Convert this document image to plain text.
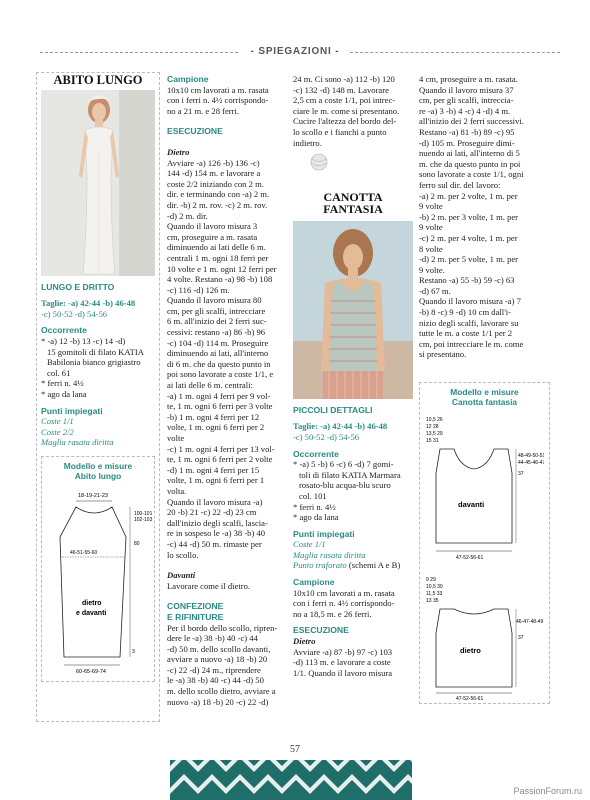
- SPIEGAZIONI -
ABITO LUNGO
LUNGO E DRITTO
Taglie: -a) 42-44 -b) 46-48
-c) 50-52 -d) 54-56
Occorrente
* -a) 12 -b) 13 -c) 14 -d)
15 gomitoli di filato KATIA
Babilonia bianco grigiastro
col. 61
* ferri n. 4½
* ago da lana
Punti impiegati
Coste 1/1
Coste 2/2
Maglia rasata diritta
Modello e misure
Abito lungo
18-19-21-23
100-101
102-103
80
46-51-55-60
dietro
e davanti
3
60-65-69-74
Campione
10x10 cm lavorati a m. rasata
con i ferri n. 4½ corrispondo-
no a 21 m. e 28 ferri.
ESECUZIONE
Dietro
Avviare -a) 126 -b) 136 -c)
144 -d) 154 m. e lavorare a
coste 2/2 iniziando con 2 m.
dir. e terminando con -a) 2 m.
dir. -b) 2 m. rov. -c) 2 m. rov.
-d) 2 m. dir.
Quando il lavoro misura 3
cm, proseguire a m. rasata
diminuendo ai lati delle 6 m.
centrali 1 m. ogni 18 ferri per
10 volte e 1 m. ogni 12 ferri per
4 volte. Restano -a) 98 -b) 108
-c) 116 -d) 126 m.
Quando il lavoro misura 80
cm, per gli scalfi, intrecciare
6 m. all'inizio dei 2 ferri suc-
cessivi: restano -a) 86 -b) 96
-c) 104 -d) 114 m. Proseguire
diminuendo ai lati, all'interno
di 6 m. che da questo punto in
poi sono lavorate a coste 1/1, e
ai lati delle 6 m. centrali:
-a) 1 m. ogni 4 ferri per 9 vol-
te, 1 m. ogni 6 ferri per 3 volte
-b) 1 m. ogni 4 ferri per 12
volte, 1 m. ogni 6 ferri per 2
volte
-c) 1 m. ogni 4 ferri per 13 vol-
te, 1 m. ogni 6 ferri per 2 volte
-d) 1 m. ogni 4 ferri per 15
volte, 1 m. ogni 6 ferri per 1
volta.
Quando il lavoro misura -a)
20 -b) 21 -c) 22 -d) 23 cm
dall'inizio degli scalfi, lascia-
re in sospeso le -a) 38 -b) 40
-c) 44 -d) 50 m. rimaste per
lo scollo.
Davanti
Lavorare come il dietro.
CONFEZIONE
E RIFINITURE
Per il bordo dello scollo, ripren-
dere le -a) 38 -b) 40 -c) 44
-d) 50 m. dello scollo davanti,
avviare a nuovo -a) 18 -b) 20
-c) 22 -d) 24 m., riprendere
le -a) 38 -b) 40 -c) 44 -d) 50
m. dello scollo dietro, avviare a
nuovo -a) 18 -b) 20 -c) 22 -d)
24 m. Ci sono -a) 112 -b) 120
-c) 132 -d) 148 m. Lavorare
2,5 cm a coste 1/1, poi intrec-
ciare le m. come si presentano.
Cucire l'altezza del bordo del-
lo scollo e i fianchi a punto
indietro.
CANOTTA
FANTASIA
PICCOLI DETTAGLI
Taglie: -a) 42-44 -b) 46-48
-c) 50-52 -d) 54-56
Occorrente
* -a) 5 -b) 6 -c) 6 -d) 7 gomi-
toli di filato KATIA Marmara
rosato-blu acqua-blu scuro
col. 101
* ferri n. 4½
* ago da lana
Punti impiegati
Coste 1/1
Maglia rasata diritta
Punto traforato (schemi A e B)
Campione
10x10 cm lavorati a m. rasata
con i ferri n. 4½ corrispondo-
no a 18,5 m. e 26 ferri.
ESECUZIONE
Dietro
Avviare -a) 87 -b) 97 -c) 103
-d) 113 m. e lavorare a coste
1/1. Quando il lavoro misura
4 cm, proseguire a m. rasata.
Quando il lavoro misura 37
cm, per gli scalfi, intreccia-
re -a) 3 -b) 4 -c) 4 -d) 4 m.
all'inizio dei 2 ferri successivi.
Restano -a) 81 -b) 89 -c) 95
-d) 105 m. Proseguire dimi-
nuendo ai lati, all'interno di 5
m. che da questo punto in poi
sono lavorate a coste 1/1, ogni
ferro sul dir. del lavoro:
-a) 2 m. per 2 volte, 1 m. per
9 volte
-b) 2 m. per 3 volte, 1 m. per
9 volte
-c) 2 m. per 4 volte, 1 m. per
8 volte
-d) 2 m. per 5 volte, 1 m. per
9 volte.
Restano -a) 55 -b) 59 -c) 63
-d) 67 m.
Quando il lavoro misura -a) 7
-b) 8 -c) 9 -d) 10 cm dall'i-
nizio degli scalfi, lavorare su
tutte le m. a coste 1/1 per 2
cm, poi intrecciare le m. come
si presentano.
Modello e misure
Canotta fantasia
10,5 26
12 28
13,5 29
15 31
48-49-50-51
44-45-46-47
37
davanti
47-52-56-61
9 29
10,5 30
11,5 33
13 35
46-47-48-49
37
dietro
47-52-56-61
57
PassionForum.ru
